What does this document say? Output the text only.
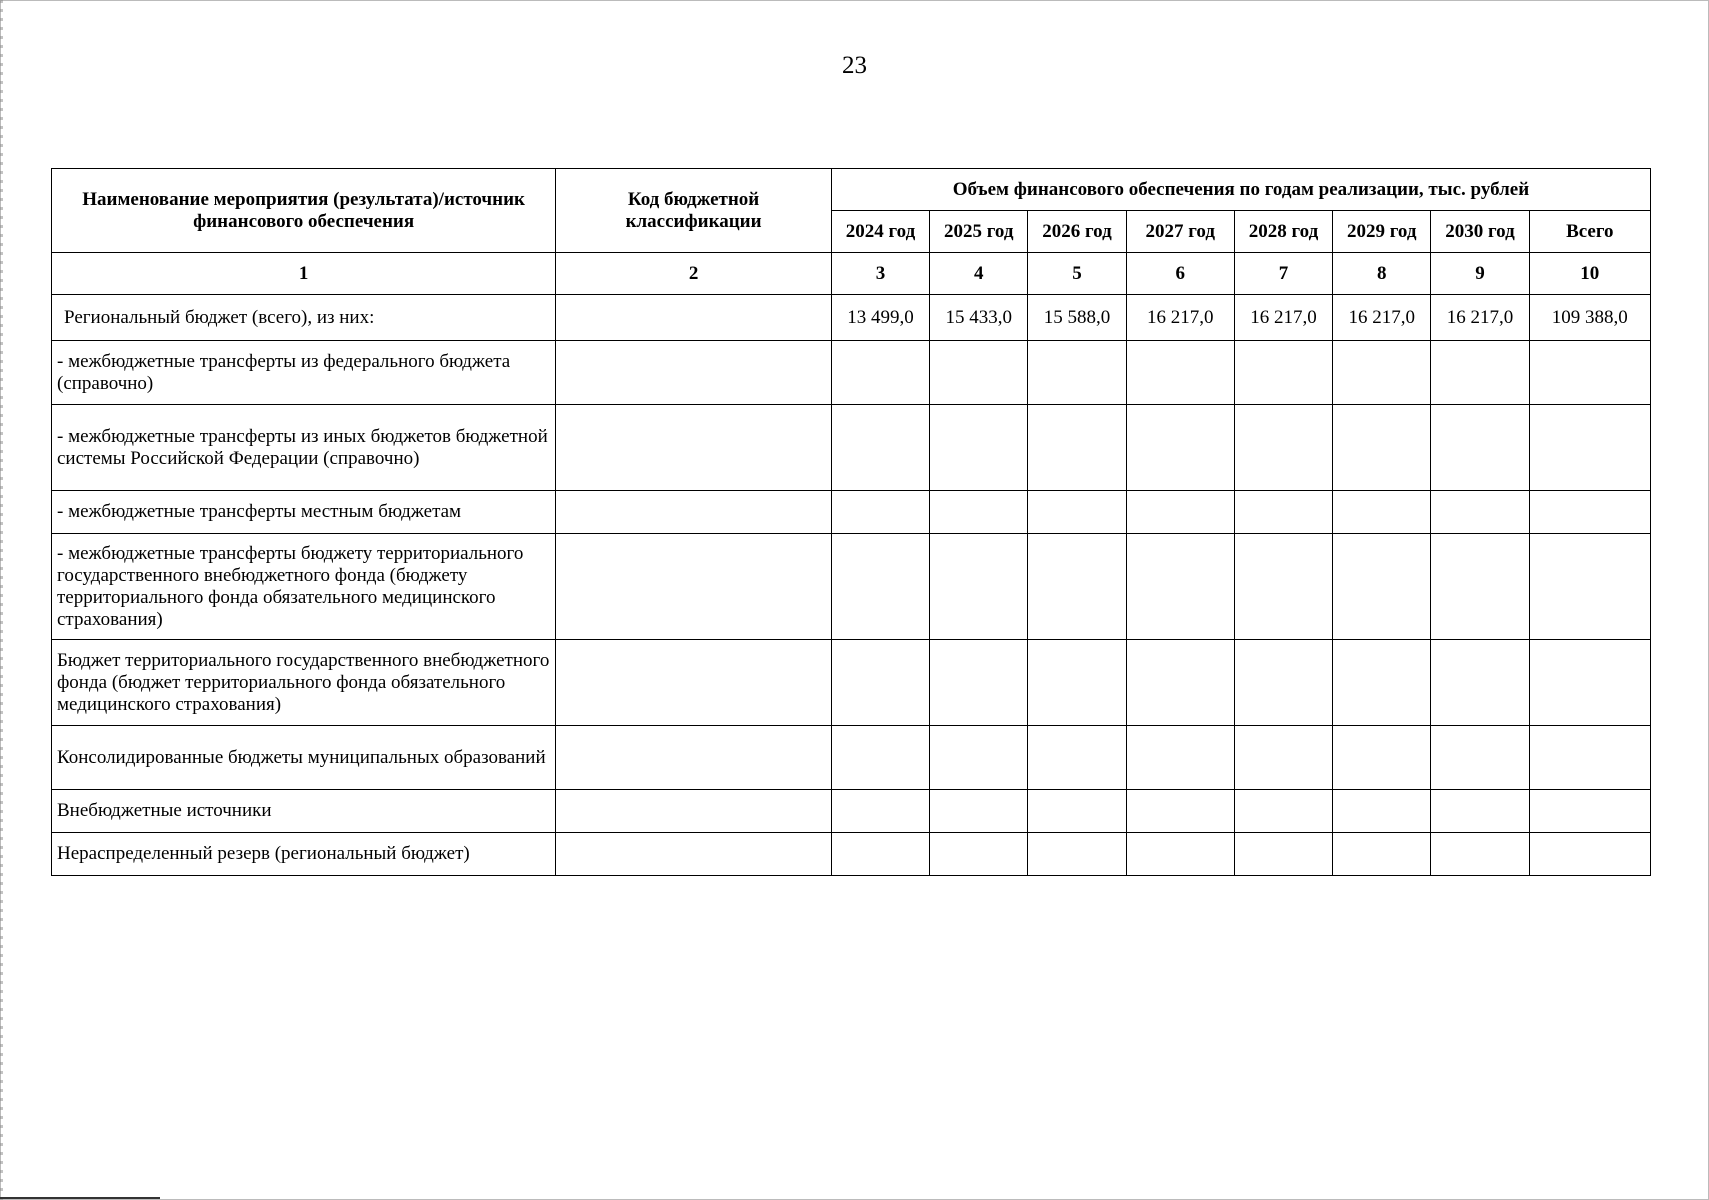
23
Наименование мероприятия (результата)/источник финансового обеспечения	Код бюджетной классификации	Объем финансового обеспечения по годам реализации, тыс. рублей							
		2024 год	2025 год	2026 год	2027 год	2028 год	2029 год	2030 год	Всего
1	2	3	4	5	6	7	8	9	10
Региональный бюджет (всего), из них:		13 499,0	15 433,0	15 588,0	16 217,0	16 217,0	16 217,0	16 217,0	109 388,0
- межбюджетные трансферты из федерального бюджета (справочно)									
- межбюджетные трансферты из иных бюджетов бюджетной системы Российской Федерации (справочно)									
- межбюджетные трансферты местным бюджетам									
- межбюджетные трансферты бюджету территориального государственного внебюджетного фонда (бюджету территориального фонда обязательного медицинского страхования)									
Бюджет территориального государственного внебюджетного фонда (бюджет территориального фонда обязательного медицинского страхования)									
Консолидированные бюджеты муниципальных образований									
Внебюджетные источники									
Нераспределенный резерв (региональный бюджет)									
